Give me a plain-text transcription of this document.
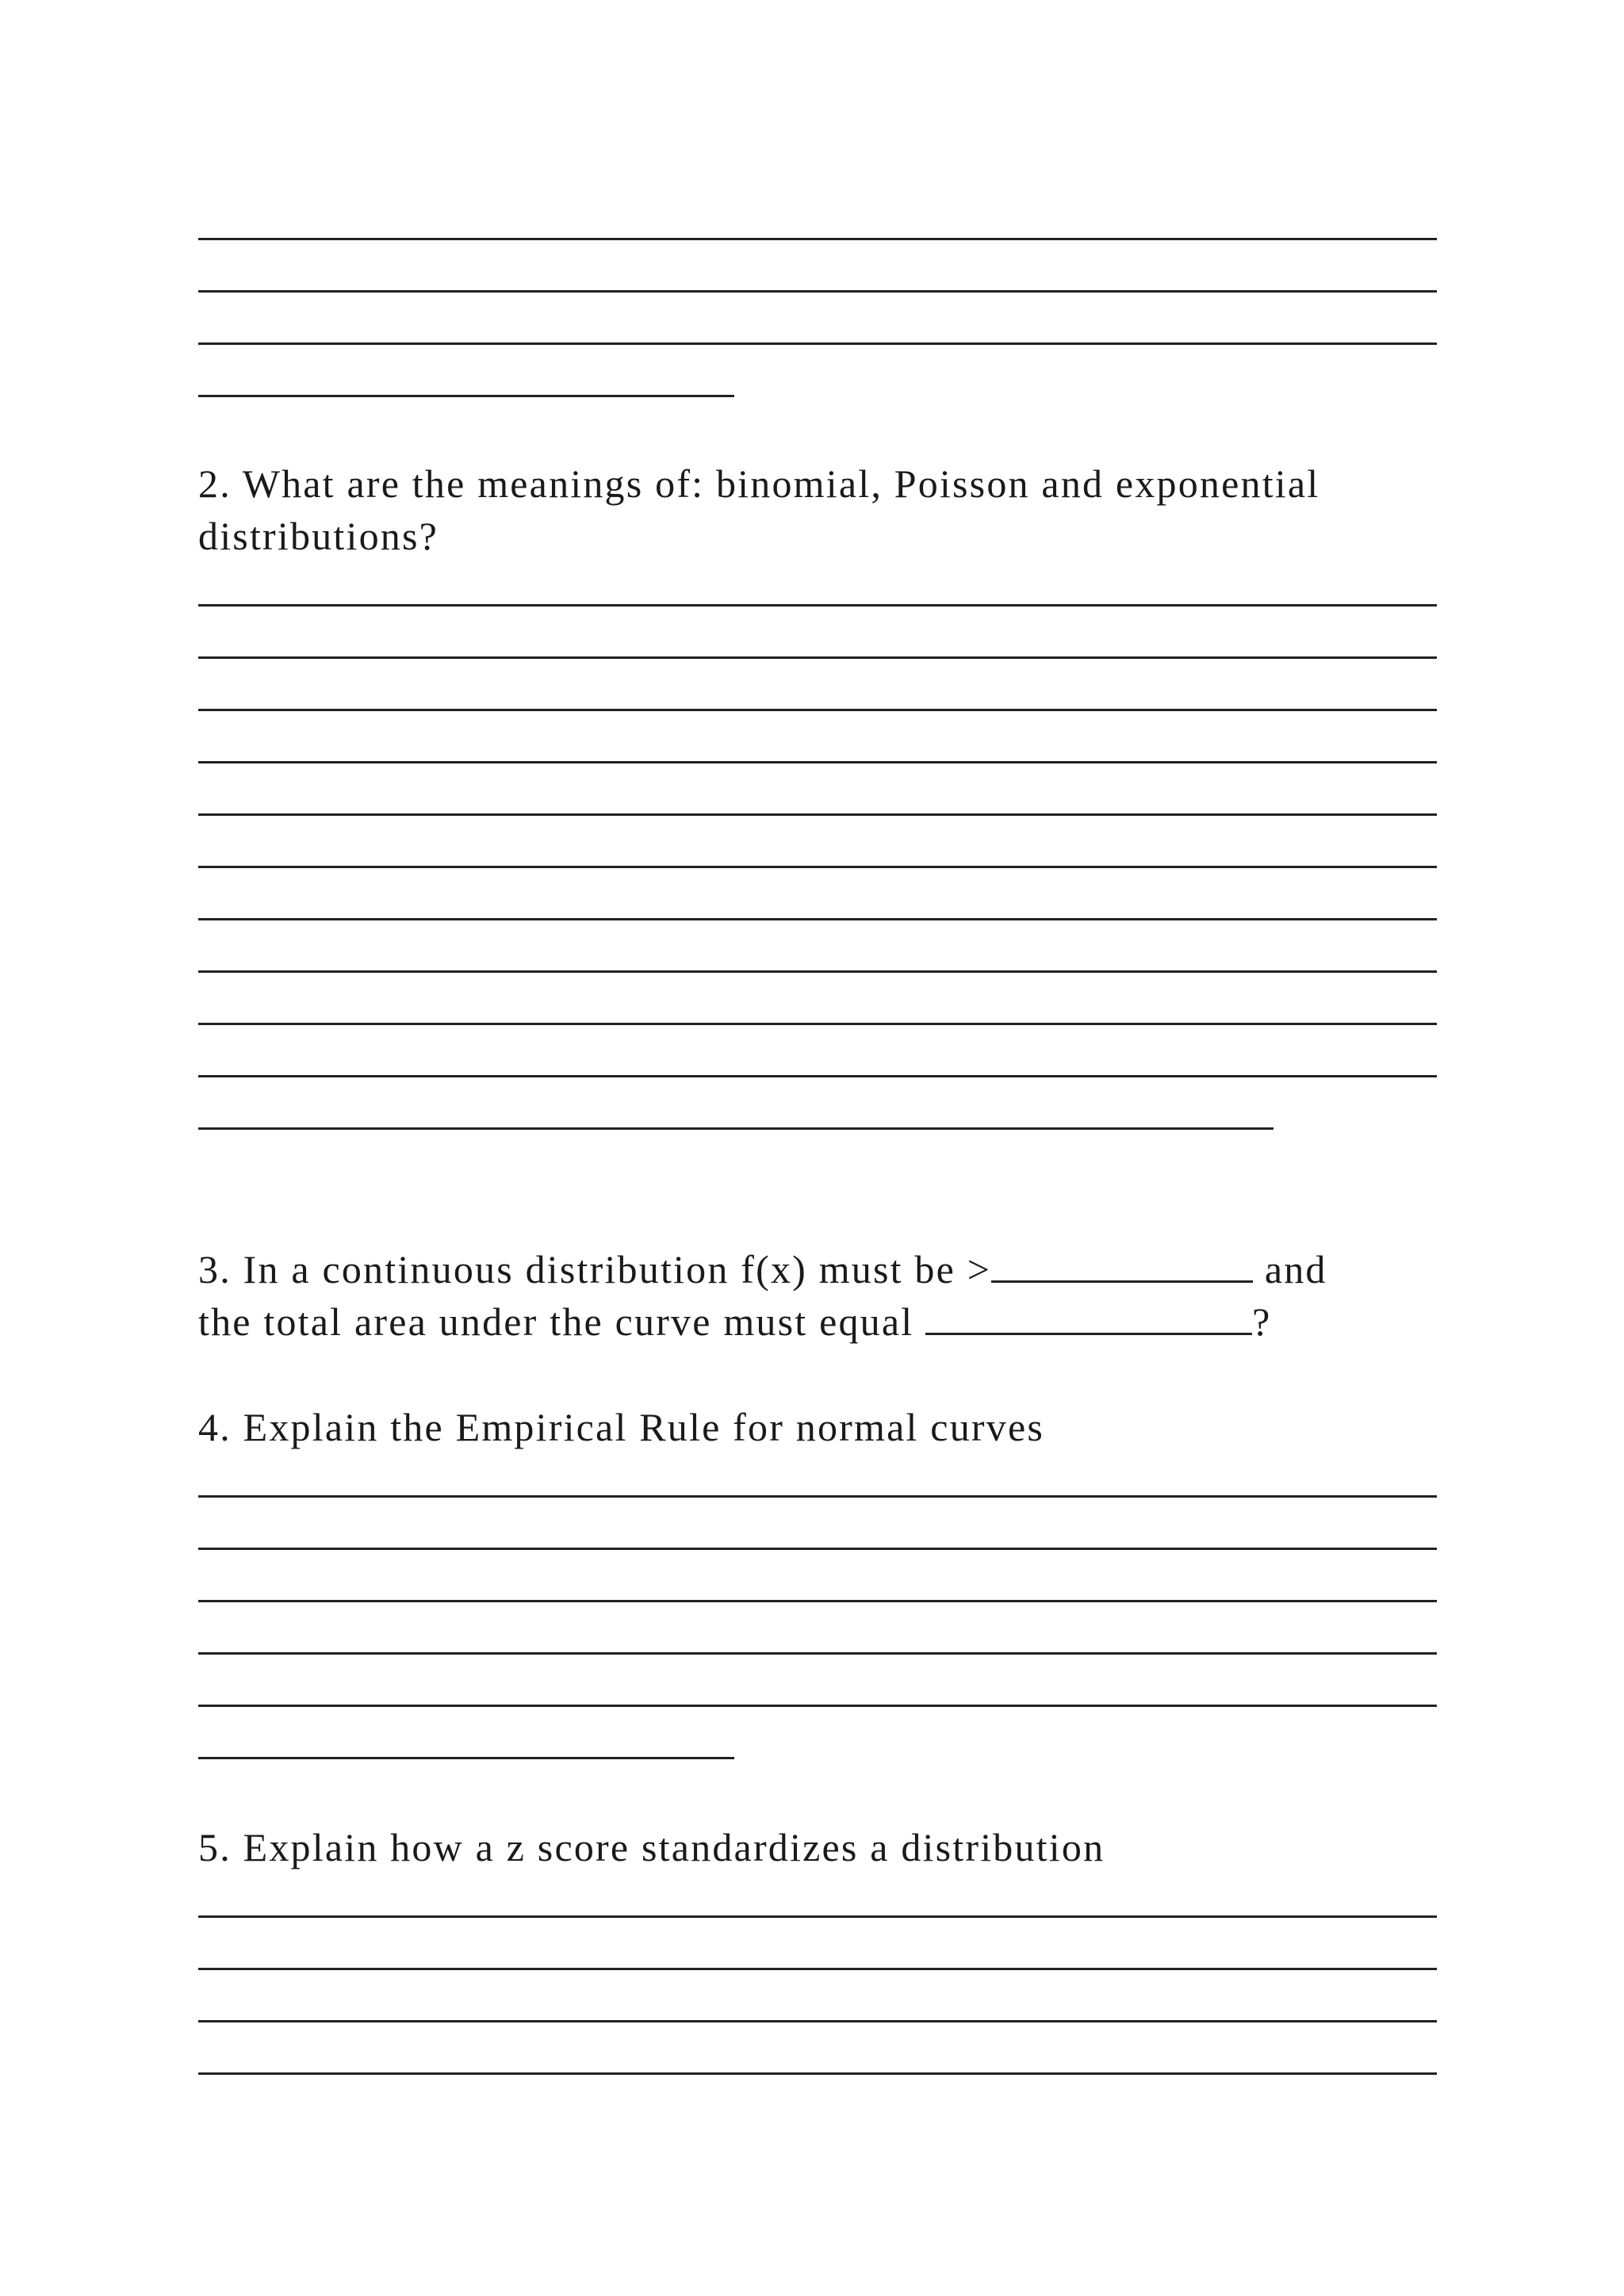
2. What are the meanings of: binomial, Poisson and exponential
distributions?
3. In a continuous distribution f(x) must be >	and
the total area under the curve must equal	?
4. Explain the Empirical Rule for normal curves
5. Explain how a z score standardizes a distribution
